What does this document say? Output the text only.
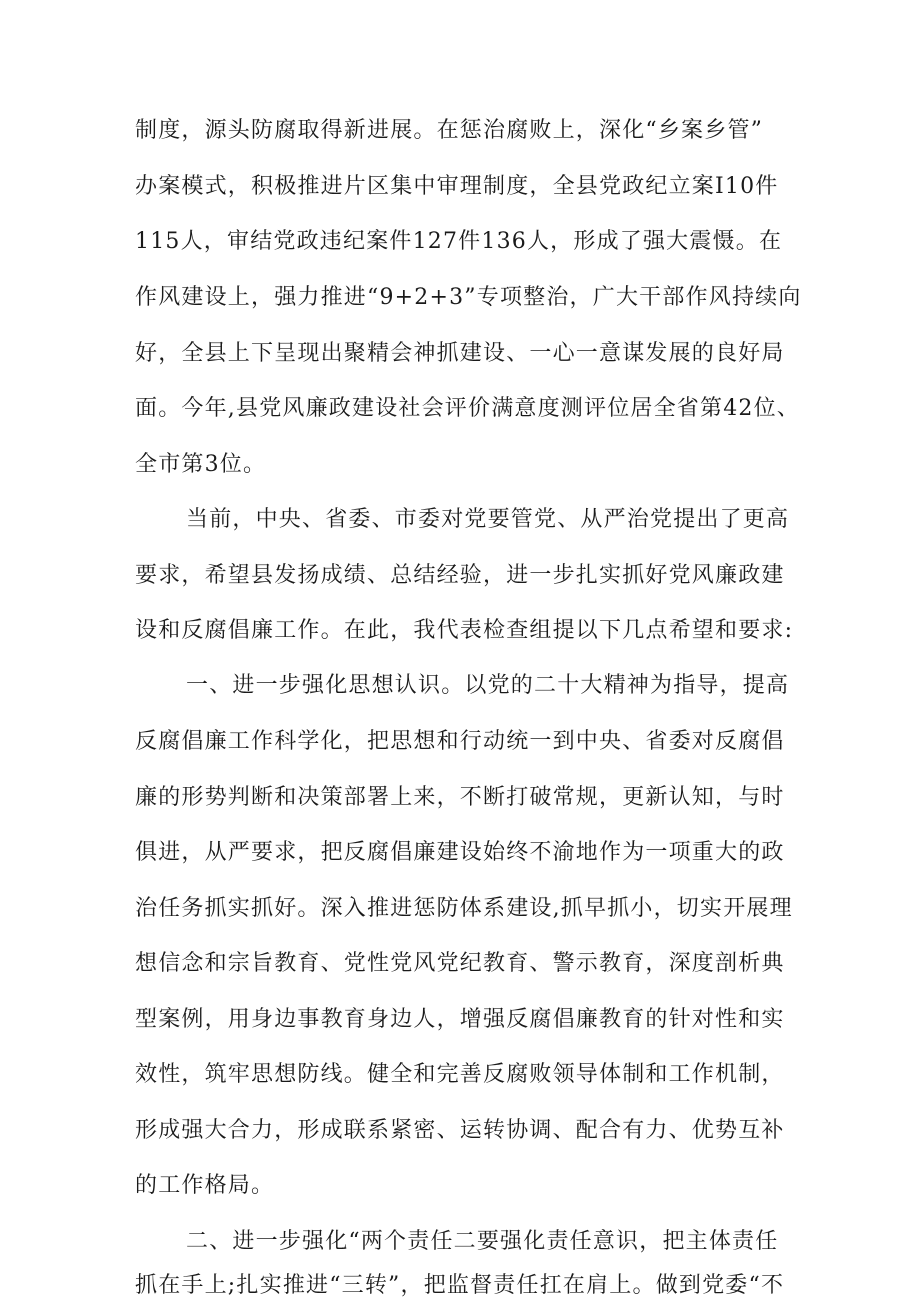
制度，源头防腐取得新进展。在惩治腐败上，深化“乡案乡管”
办案模式，积极推进片区集中审理制度，全县党政纪立案I10件
115人，审结党政违纪案件127件136人，形成了强大震慑。在
作风建设上，强力推进“9+2+3”专项整治，广大干部作风持续向
好，全县上下呈现出聚精会神抓建设、一心一意谋发展的良好局
面。今年,县党风廉政建设社会评价满意度测评位居全省第42位、
全市第3位。
当前，中央、省委、市委对党要管党、从严治党提出了更高
要求，希望县发扬成绩、总结经验，进一步扎实抓好党风廉政建
设和反腐倡廉工作。在此，我代表检查组提以下几点希望和要求:
一、进一步强化思想认识。以党的二十大精神为指导，提高
反腐倡廉工作科学化，把思想和行动统一到中央、省委对反腐倡
廉的形势判断和决策部署上来，不断打破常规，更新认知，与时
俱进，从严要求，把反腐倡廉建设始终不渝地作为一项重大的政
治任务抓实抓好。深入推进惩防体系建设,抓早抓小，切实开展理
想信念和宗旨教育、党性党风党纪教育、警示教育，深度剖析典
型案例，用身边事教育身边人，增强反腐倡廉教育的针对性和实
效性，筑牢思想防线。健全和完善反腐败领导体制和工作机制，
形成强大合力，形成联系紧密、运转协调、配合有力、优势互补
的工作格局。
二、进一步强化“两个责任二要强化责任意识，把主体责任
抓在手上;扎实推进“三转”，把监督责任扛在肩上。做到党委“不
